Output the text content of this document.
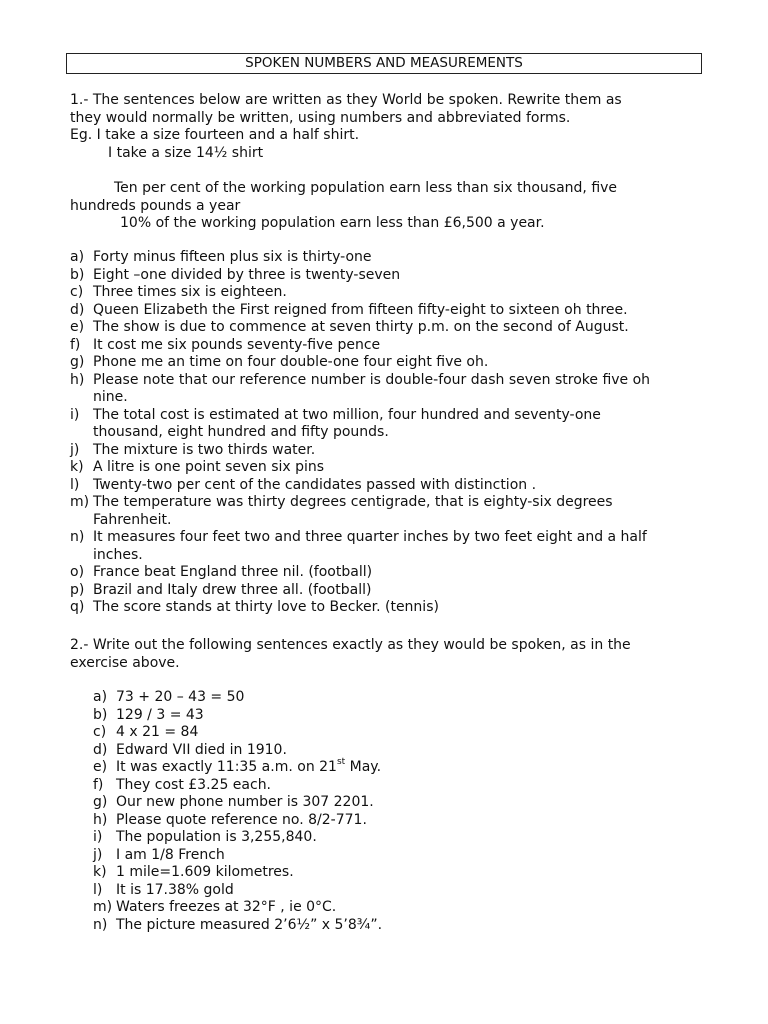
SPOKEN NUMBERS AND MEASUREMENTS
1.- The sentences below are written as they World be spoken. Rewrite them as
they would normally be written, using numbers and abbreviated forms.
Eg. I take a size fourteen and a half shirt.
I take a size 14½ shirt
Ten per cent of the working population earn less than six thousand, five
hundreds pounds a year
10% of the working population earn less than £6,500 a year.
a) Forty minus fifteen plus six is thirty-one
b) Eight –one divided by three is twenty-seven
c) Three times six is eighteen.
d) Queen Elizabeth the First reigned from fifteen fifty-eight to sixteen oh three.
e) The show is due to commence at seven thirty p.m. on the second of August.
f) It cost me six pounds seventy-five pence
g) Phone me an time on four double-one four eight five oh.
h) Please note that our reference number is double-four dash seven stroke five oh
nine.
i) The total cost is estimated at two million, four hundred and seventy-one
thousand, eight hundred and fifty pounds.
j) The mixture is two thirds water.
k) A litre is one point seven six pins
l) Twenty-two per cent of the candidates passed with distinction .
m) The temperature was thirty degrees centigrade, that is eighty-six degrees
Fahrenheit.
n) It measures four feet two and three quarter inches by two feet eight and a half
inches.
o) France beat England three nil. (football)
p) Brazil and Italy drew three all. (football)
q) The score stands at thirty love to Becker. (tennis)
2.- Write out the following sentences exactly as they would be spoken, as in the
exercise above.
a) 73 + 20 – 43 = 50
b) 129 / 3 = 43
c) 4 x 21 = 84
d) Edward VII died in 1910.
e) It was exactly 11:35 a.m. on 21st May.
f) They cost £3.25 each.
g) Our new phone number is 307 2201.
h) Please quote reference no. 8/2-771.
i) The population is 3,255,840.
j) I am 1/8 French
k) 1 mile=1.609 kilometres.
l) It is 17.38% gold
m) Waters freezes at 32°F , ie 0°C.
n) The picture measured 2’6½” x 5’8¾”.
